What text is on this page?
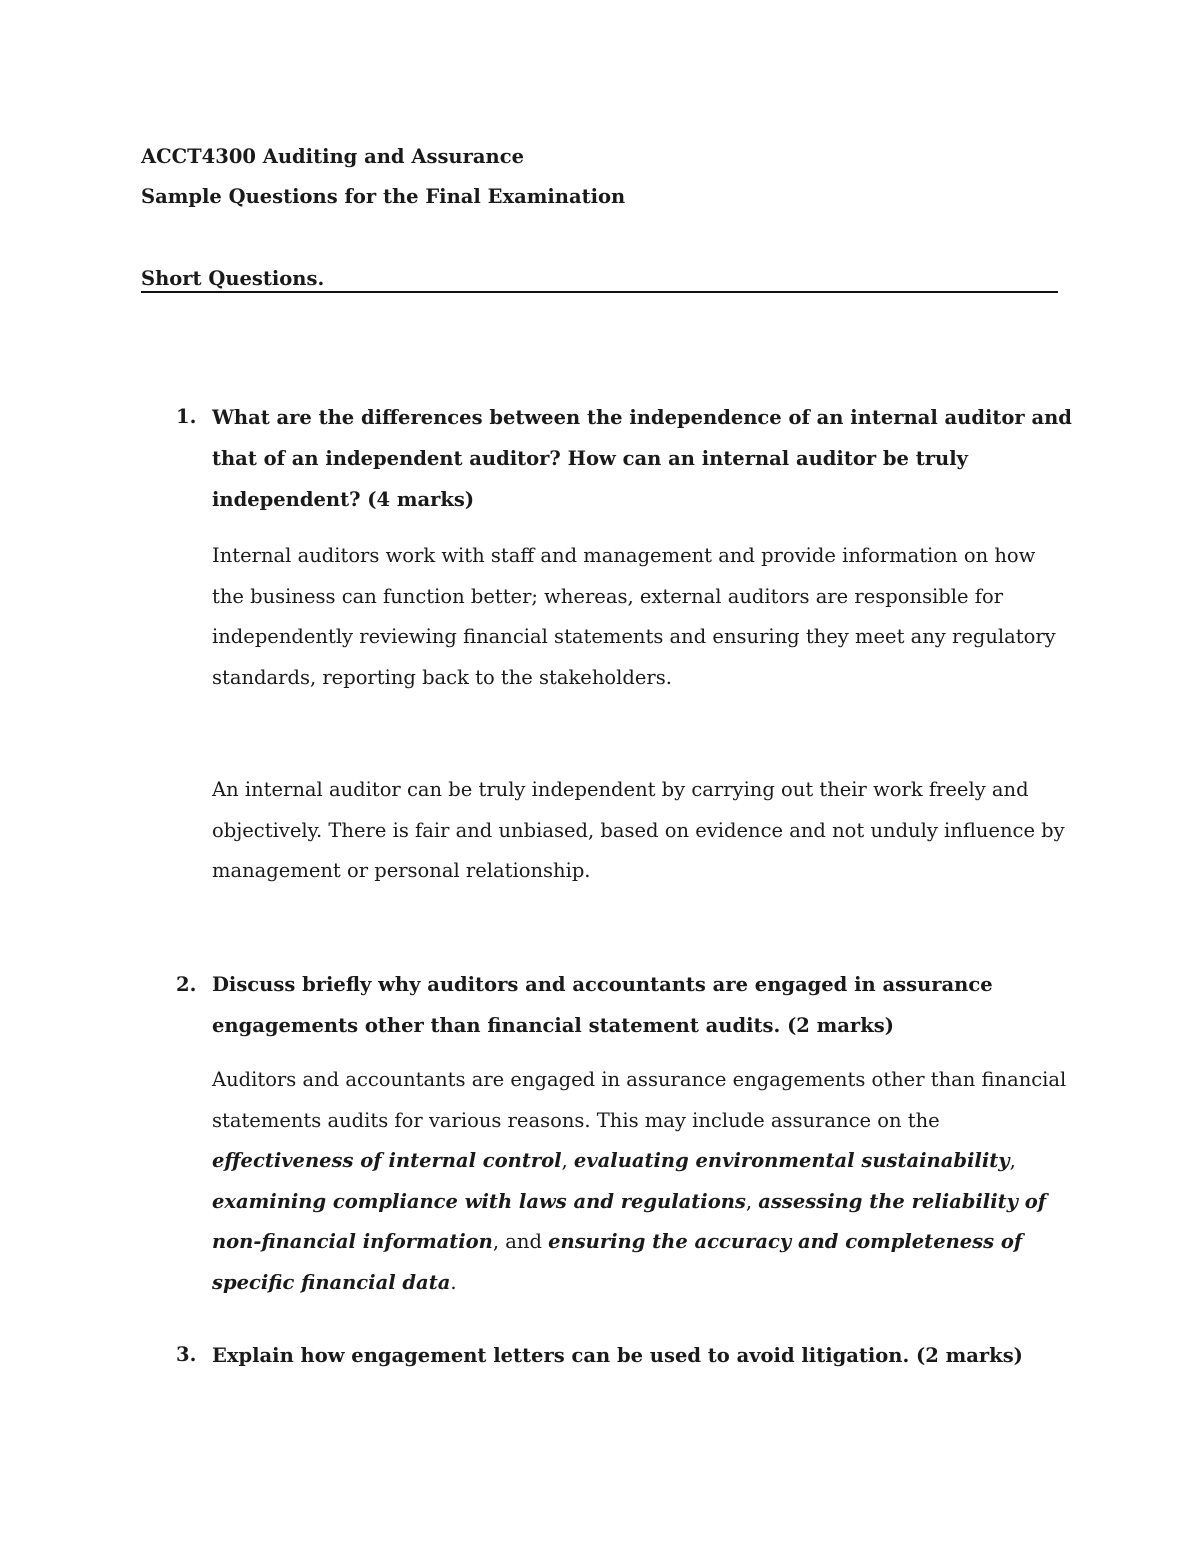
ACCT4300 Auditing and Assurance
Sample Questions for the Final Examination
Short Questions.
1. What are the differences between the independence of an internal auditor and that of an independent auditor? How can an internal auditor be truly independent? (4 marks)
Internal auditors work with staff and management and provide information on how the business can function better; whereas, external auditors are responsible for independently reviewing financial statements and ensuring they meet any regulatory standards, reporting back to the stakeholders.
An internal auditor can be truly independent by carrying out their work freely and objectively. There is fair and unbiased, based on evidence and not unduly influence by management or personal relationship.
2. Discuss briefly why auditors and accountants are engaged in assurance engagements other than financial statement audits. (2 marks)
Auditors and accountants are engaged in assurance engagements other than financial statements audits for various reasons. This may include assurance on the effectiveness of internal control, evaluating environmental sustainability, examining compliance with laws and regulations, assessing the reliability of non-financial information, and ensuring the accuracy and completeness of specific financial data.
3. Explain how engagement letters can be used to avoid litigation. (2 marks)
